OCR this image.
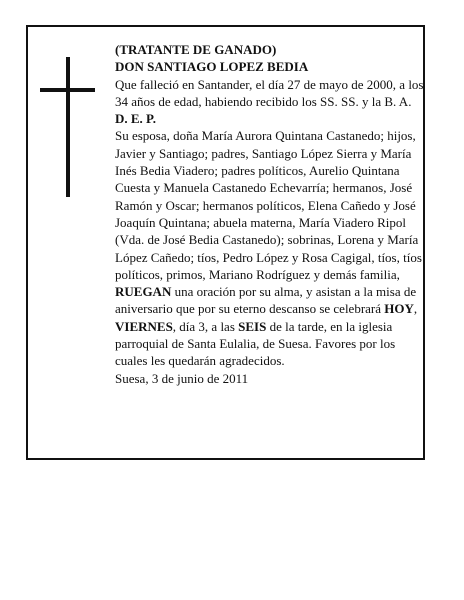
(TRATANTE DE GANADO)

DON SANTIAGO LOPEZ BEDIA

Que falleció en Santander, el día 27 de mayo de 2000, a los 34 años de edad, habiendo recibido los SS. SS. y la B. A.

D. E. P.

Su esposa, doña María Aurora Quintana Castanedo; hijos, Javier y Santiago; padres, Santiago López Sierra y María Inés Bedia Viadero; padres políticos, Aurelio Quintana Cuesta y Manuela Castanedo Echevarría; hermanos, José Ramón y Oscar; hermanos políticos, Elena Cañedo y José Joaquín Quintana; abuela materna, María Viadero Ripol (Vda. de José Bedia Castanedo); sobrinas, Lorena y María López Cañedo; tíos, Pedro López y Rosa Cagigal, tíos, tíos políticos, primos, Mariano Rodríguez y demás familia,

RUEGAN una oración por su alma, y asistan a la misa de aniversario que por su eterno descanso se celebrará HOY, VIERNES, día 3, a las SEIS de la tarde, en la iglesia parroquial de Santa Eulalia, de Suesa. Favores por los cuales les quedarán agradecidos.

Suesa, 3 de junio de 2011
